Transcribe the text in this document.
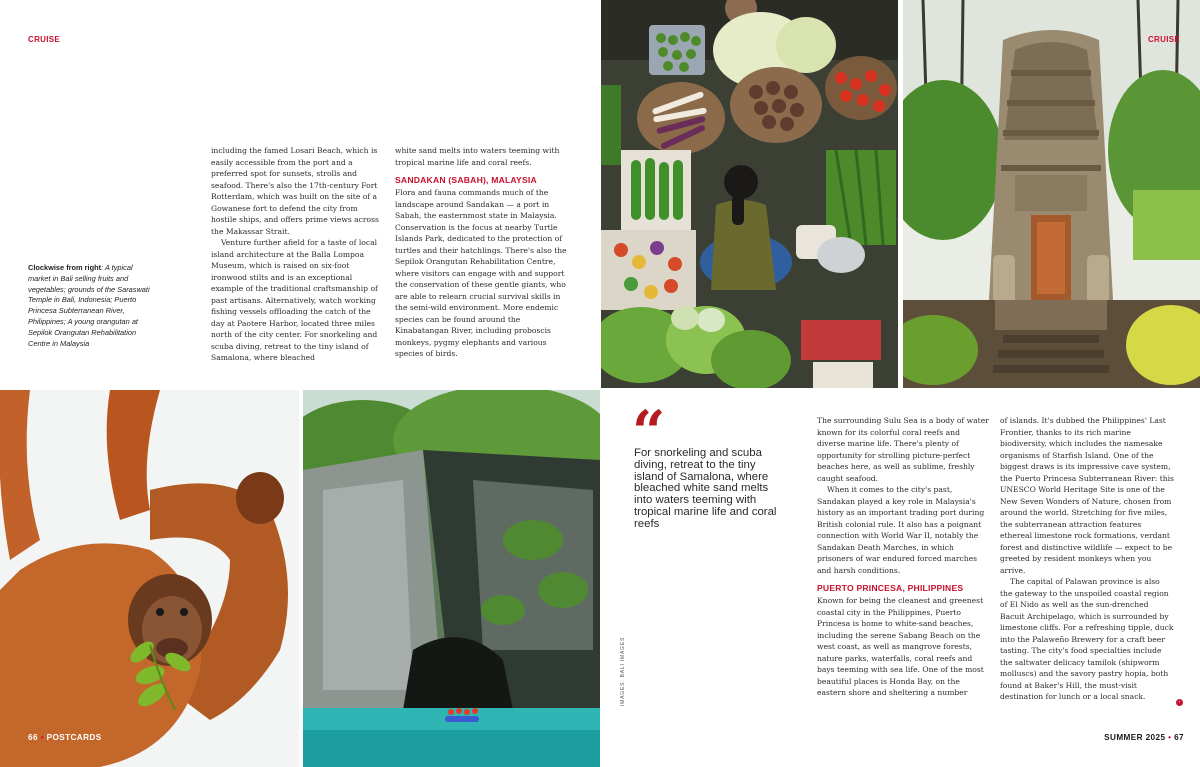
CRUISE
Clockwise from right: A typical market in Bali selling fruits and vegetables; grounds of the Saraswati Temple in Bali, Indonesia; Puerto Princesa Subterranean River, Philippines; A young orangutan at Sepilok Orangutan Rehabilitation Centre in Malaysia

including the famed Losari Beach, which is easily accessible from the port and a preferred spot for sunsets, strolls and seafood. There's also the 17th-century Fort Rotterdam, which was built on the site of a Gowanese fort to defend the city from hostile ships, and offers prime views across the Makassar Strait.

Venture further afield for a taste of local island architecture at the Balla Lompoa Museum, which is raised on six-foot ironwood stilts and is an exceptional example of the traditional craftsmanship of past artisans. Alternatively, watch working fishing vessels offloading the catch of the day at Paotere Harbor, located three miles north of the city center. For snorkeling and scuba diving, retreat to the tiny island of Samalona, where bleached

white sand melts into waters teeming with tropical marine life and coral reefs.

SANDAKAN (SABAH), MALAYSIA

Flora and fauna commands much of the landscape around Sandakan — a port in Sabah, the easternmost state in Malaysia. Conservation is the focus at nearby Turtle Islands Park, dedicated to the protection of turtles and their hatchlings. There's also the Sepilok Orangutan Rehabilitation Centre, where visitors can engage with and support the conservation of these gentle giants, who are able to relearn crucial survival skills in the semi-wild environment. More endemic species can be found around the Kinabatangan River, including proboscis monkeys, pygmy elephants and various species of birds.

CRUISE
“
For snorkeling and scuba diving, retreat to the tiny island of Samalona, where bleached white sand melts into waters teeming with tropical marine life and coral reefs
IMAGES: BALI IMAGES

The surrounding Sulu Sea is a body of water known for its colorful coral reefs and diverse marine life. There's plenty of opportunity for strolling picture-perfect beaches here, as well as sublime, freshly caught seafood.

When it comes to the city's past, Sandakan played a key role in Malaysia's history as an important trading port during British colonial rule. It also has a poignant connection with World War II, notably the Sandakan Death Marches, in which prisoners of war endured forced marches and harsh conditions.

PUERTO PRINCESA, PHILIPPINES

Known for being the cleanest and greenest coastal city in the Philippines, Puerto Princesa is home to white-sand beaches, including the serene Sabang Beach on the west coast, as well as mangrove forests, nature parks, waterfalls, coral reefs and bays teeming with sea life. One of the most beautiful places is Honda Bay, on the eastern shore and sheltering a number

of islands. It's dubbed the Philippines' Last Frontier, thanks to its rich marine biodiversity, which includes the namesake organisms of Starfish Island. One of the biggest draws is its impressive cave system, the Puerto Princesa Subterranean River: this UNESCO World Heritage Site is one of the New Seven Wonders of Nature, chosen from around the world. Stretching for five miles, the subterranean attraction features ethereal limestone rock formations, verdant forest and distinctive wildlife — expect to be greeted by resident monkeys when you arrive.

The capital of Palawan province is also the gateway to the unspoiled coastal region of El Nido as well as the sun-drenched Bacuit Archipelago, which is surrounded by limestone cliffs. For a refreshing tipple, duck into the Palaweño Brewery for a craft beer tasting. The city's food specialties include the saltwater delicacy tamilok (shipworm molluscs) and the savory pastry hopia, both found at Baker's Hill, the must-visit destination for lunch or a local snack.

›
66 • POSTCARDS	SUMMER 2025 • 67
